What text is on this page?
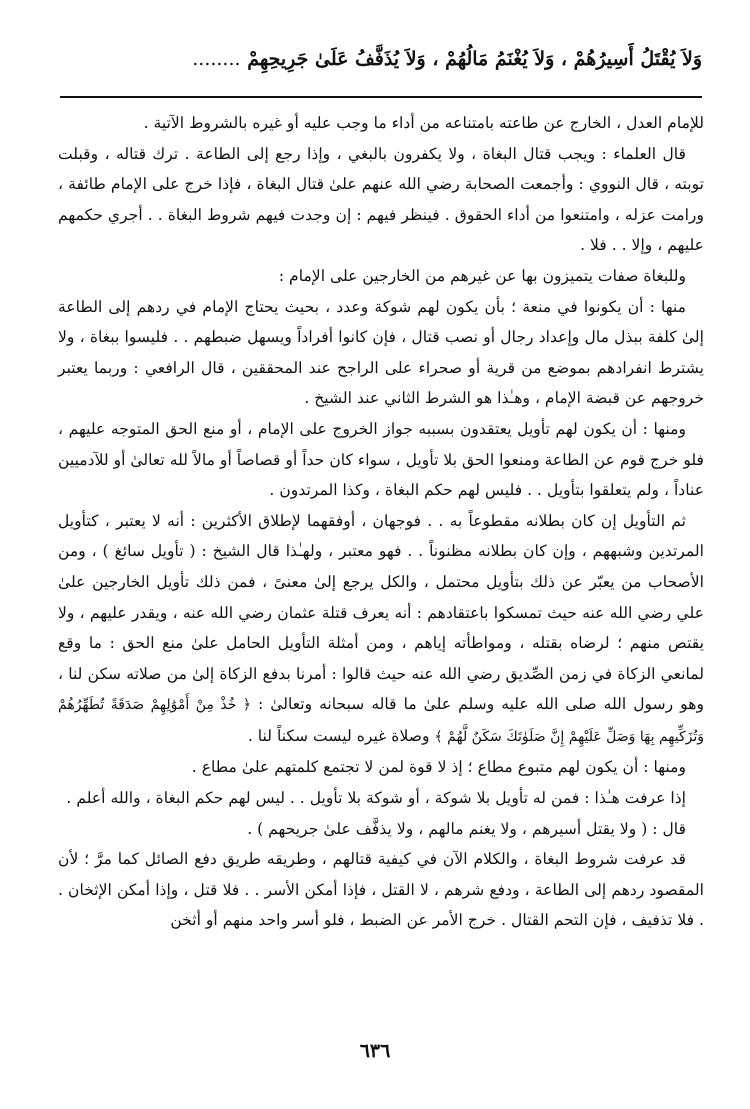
وَلاَ يُقْتَلُ أَسِيرُهُمْ ، وَلاَ يُغْنَمُ مَالُهُمْ ، وَلاَ يُذَفَّفُ عَلَىٰ جَرِيحِهِمْ ........

للإمام العدل ، الخارج عن طاعته بامتناعه من أداء ما وجب عليه أو غيره بالشروط الآتية .

قال العلماء : ويجب قتال البغاة ، ولا يكفرون بالبغي ، وإذا رجع إلى الطاعة . ترك قتاله ، وقبلت توبته ، قال النووي : وأجمعت الصحابة رضي الله عنهم علىٰ قتال البغاة ، فإذا خرج على الإمام طائفة ، ورامت عزله ، وامتنعوا من أداء الحقوق . فينظر فيهم : إن وجدت فيهم شروط البغاة . . أجري حكمهم عليهم ، وإلا . . فلا .

وللبغاة صفات يتميزون بها عن غيرهم من الخارجين على الإمام :

منها : أن يكونوا في منعة ؛ بأن يكون لهم شوكة وعدد ، بحيث يحتاج الإمام في ردهم إلى الطاعة إلىٰ كلفة ببذل مال وإعداد رجال أو نصب قتال ، فإن كانوا أفراداً ويسهل ضبطهم . . فليسوا ببغاة ، ولا يشترط انفرادهم بموضع من قرية أو صحراء على الراجح عند المحققين ، قال الرافعي : وربما يعتبر خروجهم عن قبضة الإمام ، وهـٰذا هو الشرط الثاني عند الشيخ .

ومنها : أن يكون لهم تأويل يعتقدون بسببه جواز الخروج على الإمام ، أو منع الحق المتوجه عليهم ، فلو خرج قوم عن الطاعة ومنعوا الحق بلا تأويل ، سواء كان حداً أو قصاصاً أو مالاً لله تعالىٰ أو للآدميين عناداً ، ولم يتعلقوا بتأويل . . فليس لهم حكم البغاة ، وكذا المرتدون .

ثم التأويل إن كان بطلانه مقطوعاً به . . فوجهان ، أوفقهما لإطلاق الأكثرين : أنه لا يعتبر ، كتأويل المرتدين وشبههم ، وإن كان بطلانه مظنوناً . . فهو معتبر ، ولهـٰذا قال الشيخ : ( تأويل سائغ ) ، ومن الأصحاب من يعبّر عن ذلك بتأويل محتمل ، والكل يرجع إلىٰ معنىً ، فمن ذلك تأويل الخارجين علىٰ علي رضي الله عنه حيث تمسكوا باعتقادهم : أنه يعرف قتلة عثمان رضي الله عنه ، ويقدر عليهم ، ولا يقتص منهم ؛ لرضاه بقتله ، ومواطأته إياهم ، ومن أمثلة التأويل الحامل علىٰ منع الحق : ما وقع لمانعي الزكاة في زمن الصِّديق رضي الله عنه حيث قالوا : أمرنا بدفع الزكاة إلىٰ من صلاته سكن لنا ، وهو رسول الله صلى الله عليه وسلم علىٰ ما قاله سبحانه وتعالىٰ : ﴿ خُذْ مِنْ أَمْوَٰلِهِمْ صَدَقَةً تُطَهِّرُهُمْ وَتُزَكِّيهِم بِهَا وَصَلِّ عَلَيْهِمْ إِنَّ صَلَوٰتَكَ سَكَنٌ لَّهُمْ ﴾ وصلاة غيره ليست سكناً لنا .

ومنها : أن يكون لهم متبوع مطاع ؛ إذ لا قوة لمن لا تجتمع كلمتهم علىٰ مطاع .

إذا عرفت هـٰذا : فمن له تأويل بلا شوكة ، أو شوكة بلا تأويل . . ليس لهم حكم البغاة ، والله أعلم .

قال : ( ولا يقتل أسيرهم ، ولا يغنم مالهم ، ولا يذفَّف علىٰ جريحهم ) .

قد عرفت شروط البغاة ، والكلام الآن في كيفية قتالهم ، وطريقه طريق دفع الصائل كما مرَّ ؛ لأن المقصود ردهم إلى الطاعة ، ودفع شرهم ، لا القتل ، فإذا أمكن الأسر . . فلا قتل ، وإذا أمكن الإثخان . . فلا تذفيف ، فإن التحم القتال . خرج الأمر عن الضبط ، فلو أسر واحد منهم أو أثخن

٦٣٦
